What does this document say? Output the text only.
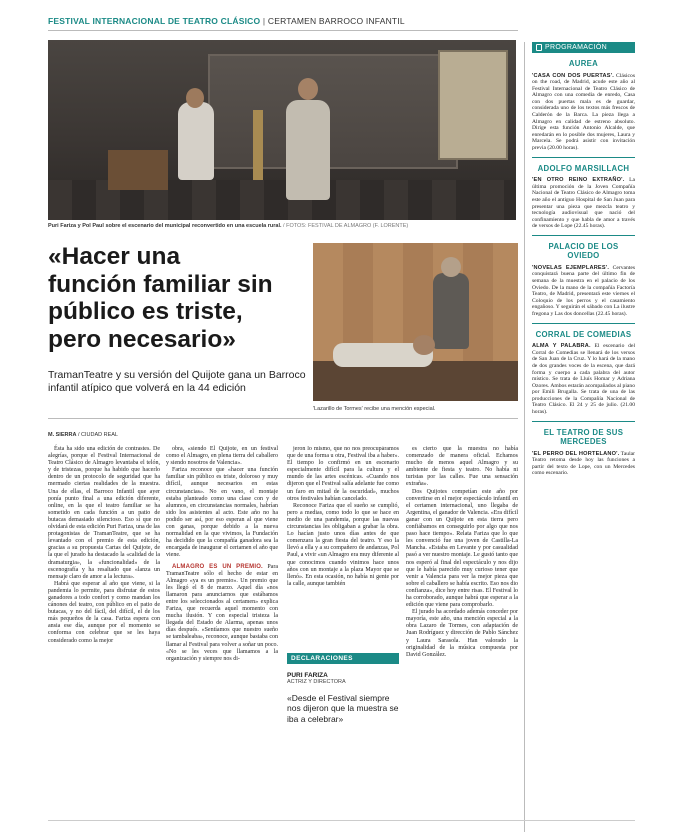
FESTIVAL INTERNACIONAL DE TEATRO CLÁSICO | CERTAMEN BARROCO INFANTIL
Puri Fariza y Pol Paul sobre el escenario del municipal reconvertido en una escuela rural. / FOTOS: FESTIVAL DE ALMAGRO (F. LORENTE)
«Hacer una función familiar sin público es triste, pero necesario»
TramanTeatre y su versión del Quijote gana un Barroco infantil atípico que volverá en la 44 edición
'Lazarillo de Tormes' recibe una mención especial.
M. SIERRA / CIUDAD REAL

Ésta ha sido una edición de contrastes. De alegrías, porque el Festival Internacional de Teatro Clásico de Almagro levantaba el telón, y de tristezas, porque ha habido que hacerlo dentro de un protocolo de seguridad que ha mermado ciertas realidades de la muestra. Una de ellas, el Barroco Infantil que ayer ponía punto final a una edición diferente, online, en la que el teatro familiar se ha sometido en cada función a un patio de butacas demasiado silencioso. Eso sí que no olvidará de esta edición Puri Fariza, una de las protagonistas de TramanTeatre, que se ha levantado con el premio de esta edición, gracias a su propuesta Cartas del Quijote, de la que el jurado ha destacado la «calidad de la dramaturgia», la «funcionalidad» de la escenografía y ha resaltado que «lanza un mensaje claro de amor a la lectura».

Habrá que esperar al año que viene, si la pandemia lo permite, para disfrutar de estos ganadores a todo confort y como mandan los cánones del teatro, con público en el patio de butacas, y no del fácil, del difícil, el de los más pequeños de la casa. Fariza espera con ansia ese día, aunque por el momento se conforma con celebrar que se les haya considerado como la mejor

obra, «siendo El Quijote, en un festival como el Almagro, en plena tierra del caballero y siendo nosotros de Valencia».

Fariza reconoce que «hacer una función familiar sin público es triste, doloroso y muy difícil, aunque necesarios en estas circunstancias». No en vano, el montaje estaba planteado como una clase con y de alumnos, en circunstancias normales, habrían sido los asistentes al acto. Este año no ha podido ser así, por eso esperan al que viene con ganas, porque debido a la nueva normalidad en la que vivimos, la Fundación ha decidido que la compañía ganadora sea la encargada de inaugurar el certamen el año que viene.

ALMAGRO ES UN PREMIO. Para TramanTeatre sólo el hecho de estar en Almagro «ya es un premio». Un premio que les llegó el 8 de marzo. Aquel día «nos llamaron para anunciarnos que estábamos entre los seleccionados al certamen» explica Fariza, que recuerda aquel momento con mucha ilusión. Y con especial tristeza la llegada del Estado de Alarma, apenas unos días después. «Sentíamos que nuestro sueño se tambaleaba», reconoce, aunque bastaba con llamar al Festival para volver a soñar un poco. «No se les veces que llamamos a la organización y siempre nos di-

jeron lo mismo, que no nos preocupáramos que de una forma u otra, Festival iba a haber». El tiempo lo confirmó en un escenario especialmente difícil para la cultura y el mundo de las artes escénicas. «Cuando nos dijeron que el Festival salía adelante fue como un faro en mitad de la oscuridad», muchos otros festivales habían cancelado.

Reconoce Fariza que el sueño se cumplió, pero a medias, como todo lo que se hace en medio de una pandemia, porque las nuevas circunstancias les obligaban a grabar la obra. Lo hacían justo unos días antes de que comenzara la gran fiesta del teatro. Y eso la llevó a ella y a su compañero de andanzas, Pol Paul, a vivir «un Almagro era muy diferente al que conocimos cuando vinimos hace unos años con un montaje a la plaza Mayor que se llenó». En esta ocasión, no había ni gente por la calle, aunque también

es cierto que la muestra no había comenzado de manera oficial. Echamos mucho de menos aquel Almagro y su ambiente de fiesta y teatro. No había ni turistas por las calles. Fue una sensación extraña».

Dos Quijotes competían este año por convertirse en el mejor espectáculo infantil en el certamen internacional, uno llegaba de Argentina, el ganador de Valencia. «Era difícil ganar con un Quijote en esta tierra pero confiábamos en conseguirlo por algo que nos paso hace tiempo». Relata Fariza que lo que les convenció fue una joven de Castilla-La Mancha. «Estaba en Levante y por casualidad pasó a ver nuestro montaje. Le gustó tanto que nos esperó al final del espectáculo y nos dijo que le había parecido muy curioso tener que venir a Valencia para ver la mejor pieza que sobre el caballero se había escrito. Eso nos dio confianza», dice hoy entre risas. El Festival lo ha corroborado, aunque habrá que esperar a la edición que viene para comprobarlo.

El jurado ha acordado además conceder por mayoría, este año, una mención especial a la obra Lazaro de Tormes, con adaptación de Juan Rodríguez y dirección de Pablo Sánchez y Laura Sarasola. Han valorado la originalidad de la música compuesta por David González.

DECLARACIONES
PURI FARIZA
ACTRIZ Y DIRECTORA
«Desde el Festival siempre nos dijeron que la muestra se iba a celebrar»
PROGRAMACIÓN
AUREA
'CASA CON DOS PUERTAS'. Clásicos on the road, de Madrid, acude este año al Festival Internacional de Teatro Clásico de Almagro con una comedia de enredo, Casa con dos puertas mala es de guardar, considerada uno de los textos más frescos de Calderón de la Barca. La pieza llega a Almagro en calidad de estreno absoluto. Dirige esta función Antonio Alcalde, que enredarán en lo posible dos mujeres, Laura y Marcela. Se podrá asistir con invitación previa (20.00 horas).
ADOLFO MARSILLACH
'EN OTRO REINO EXTRAÑO'. La última promoción de la Joven Compañía Nacional de Teatro Clásico de Almagro toma este año el antiguo Hospital de San Juan para presentar una pieza que mezcla teatro y tecnología audiovisual que nació del confinamiento y que habla de amor a través de versos de Lope (22.45 horas).
PALACIO DE LOS OVIEDO
'NOVELAS EJEMPLARES'. Cervantes conquistará buena parte del último fin de semana de la muestra en el palacio de los Oviedo. De la mano de la compañía Factoría Teatro, de Madrid, presentará este viernes el Coloquio de los perros y el casamiento engañoso. Y seguirán el sábado con La ilustre fregona y Las dos doncellas (22.45 horas).
CORRAL DE COMEDIAS
ALMA Y PALABRA. El escenario del Corral de Comedias se llenará de los versos de San Juan de la Cruz. Y lo hará de la mano de dos grandes voces de la escena, que dará forma y cuerpo a cada palabra del autor místico. Se trata de Lluís Homar y Adriana Ozores. Ambos estarán acompañados al piano por Emili Brugalla. Se trata de una de las producciones de la Compañía Nacional de Teatro Clásico. El 24 y 25 de julio. (21.00 horas).
EL TEATRO DE SUS MERCEDES
'EL PERRO DEL HORTELANO'. Taular Teatro retoma desde hoy las funciones a partir del texto de Lope, con un Mercedes como escenario.
